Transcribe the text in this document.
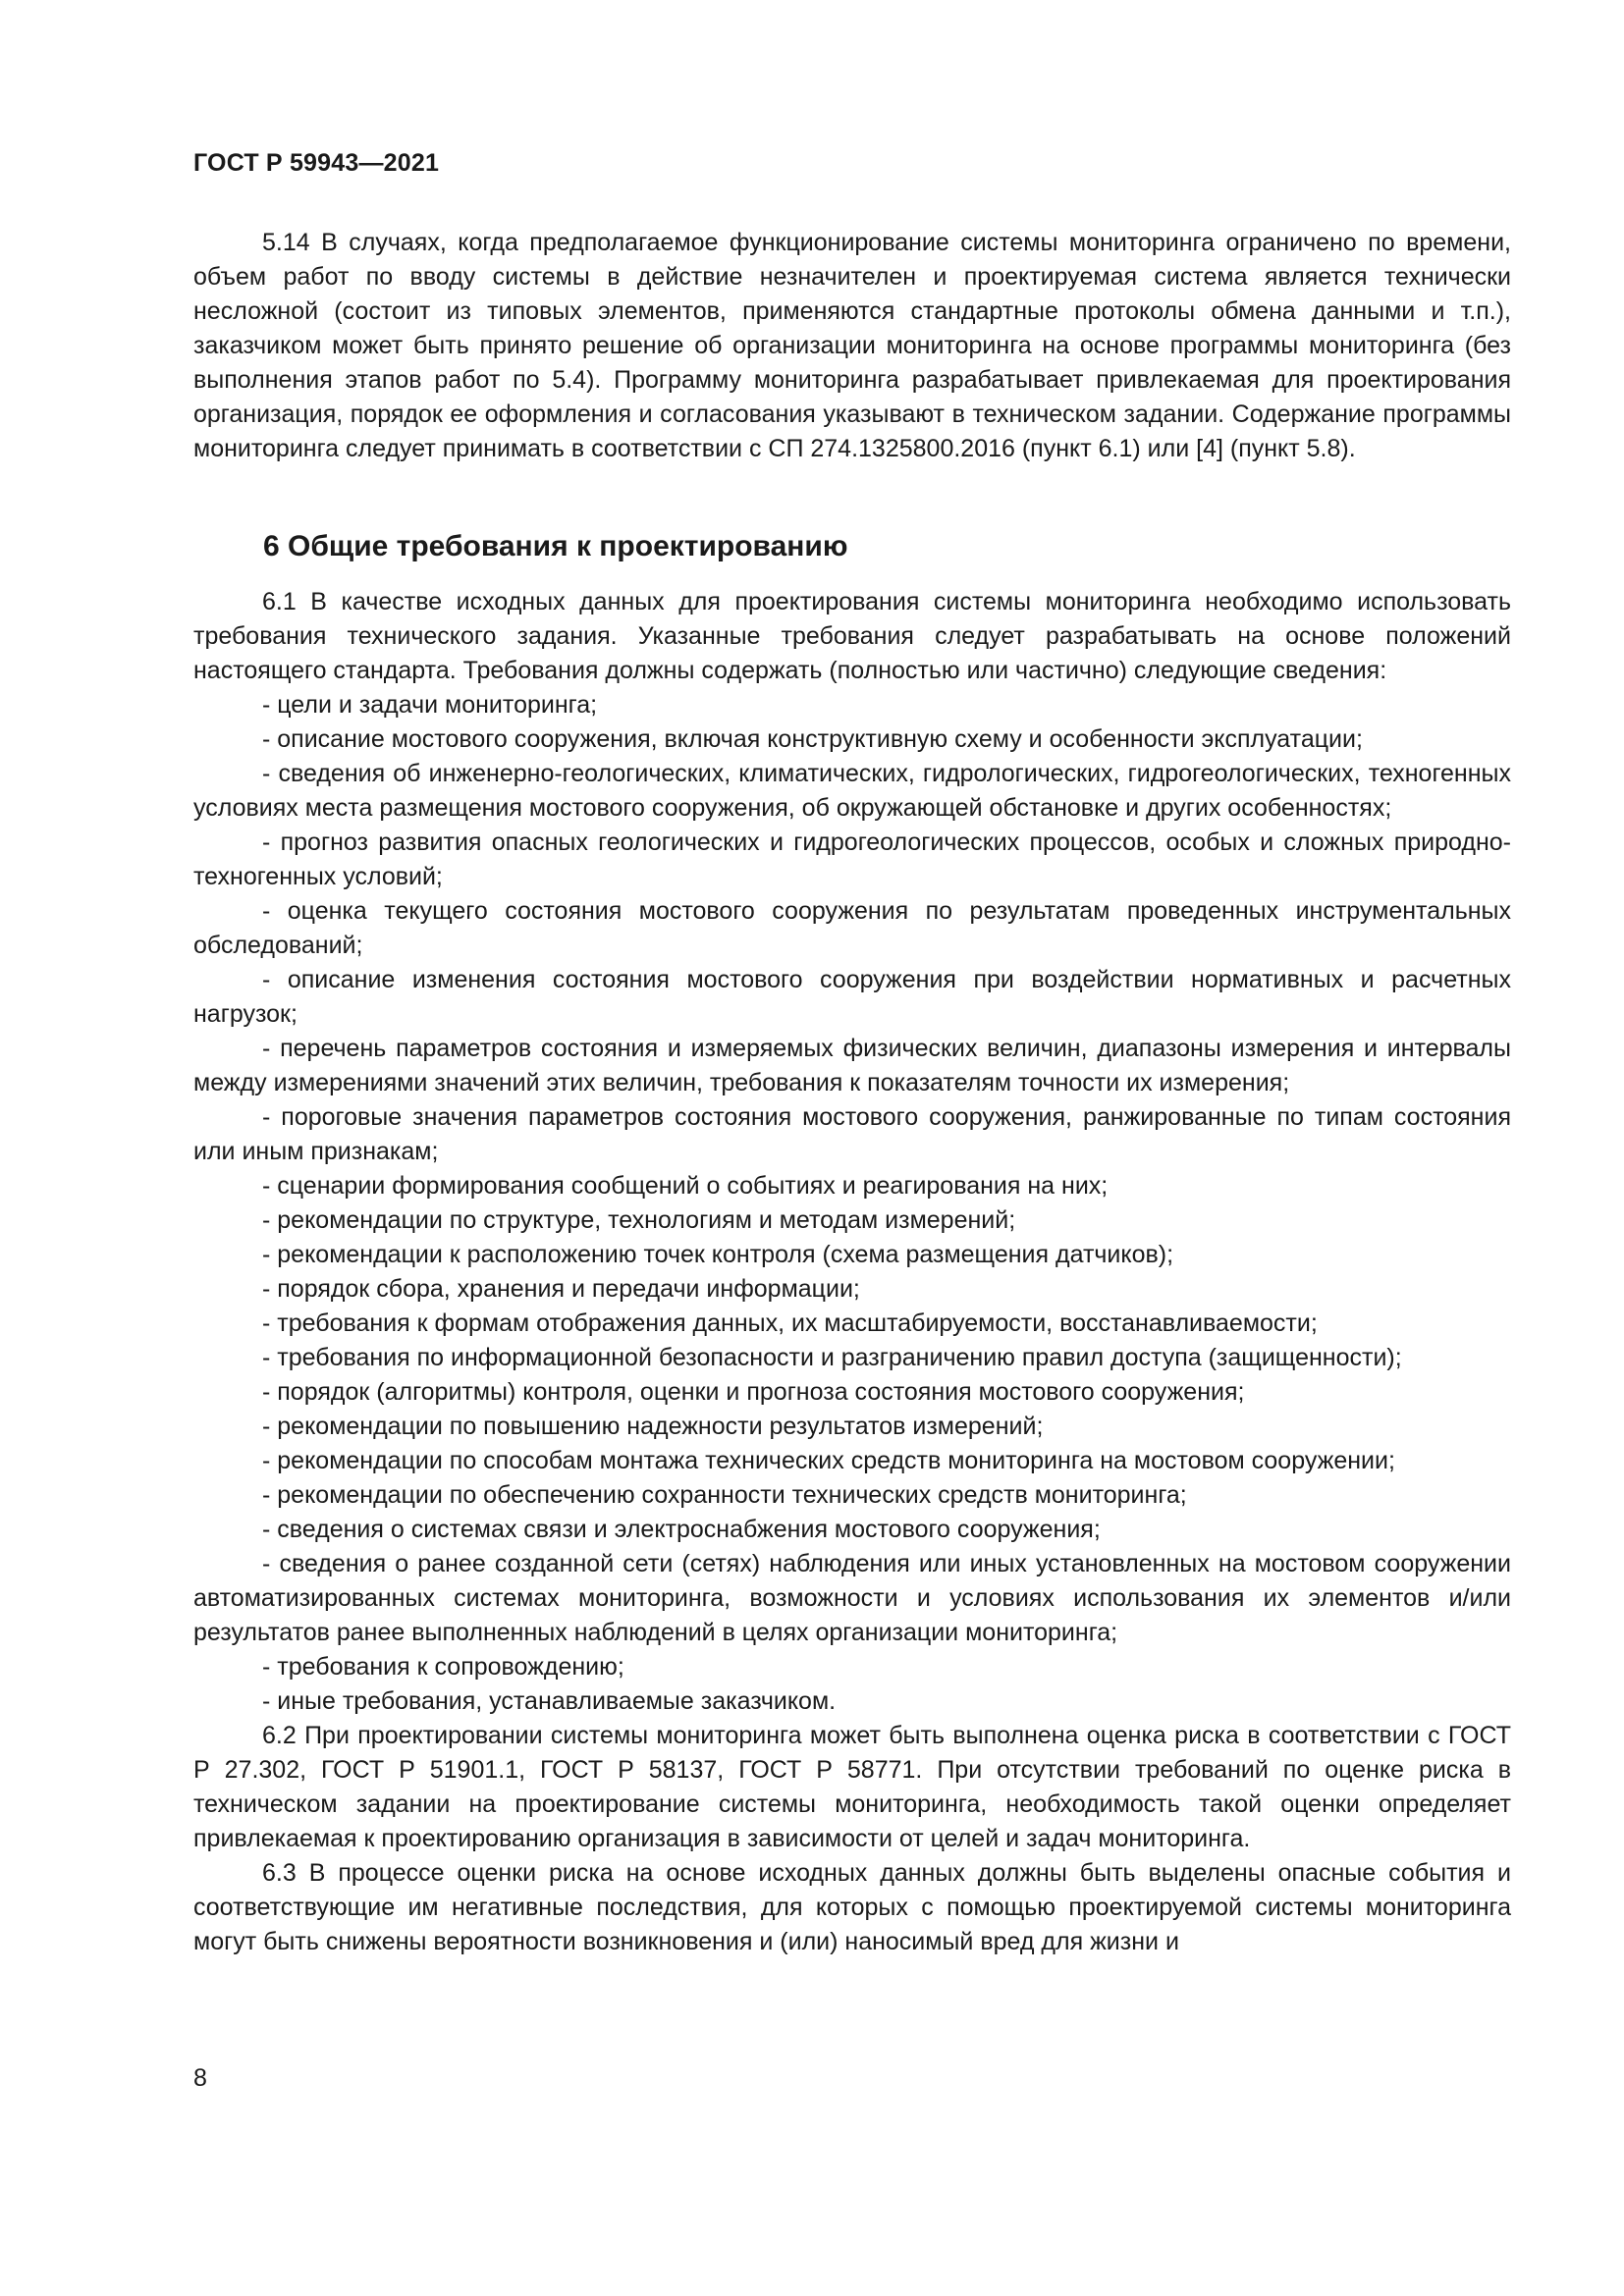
ГОСТ Р 59943—2021

5.14 В случаях, когда предполагаемое функционирование системы мониторинга ограничено по времени, объем работ по вводу системы в действие незначителен и проектируемая система является технически несложной (состоит из типовых элементов, применяются стандартные протоколы обмена данными и т.п.), заказчиком может быть принято решение об организации мониторинга на основе программы мониторинга (без выполнения этапов работ по 5.4). Программу мониторинга разрабатывает привлекаемая для проектирования организация, порядок ее оформления и согласования указывают в техническом задании. Содержание программы мониторинга следует принимать в соответствии с СП 274.1325800.2016 (пункт 6.1) или [4] (пункт 5.8).

6 Общие требования к проектированию

6.1 В качестве исходных данных для проектирования системы мониторинга необходимо использовать требования технического задания. Указанные требования следует разрабатывать на основе положений настоящего стандарта. Требования должны содержать (полностью или частично) следующие сведения:

- цели и задачи мониторинга;

- описание мостового сооружения, включая конструктивную схему и особенности эксплуатации;

- сведения об инженерно-геологических, климатических, гидрологических, гидрогеологических, техногенных условиях места размещения мостового сооружения, об окружающей обстановке и других особенностях;

- прогноз развития опасных геологических и гидрогеологических процессов, особых и сложных природно-техногенных условий;

- оценка текущего состояния мостового сооружения по результатам проведенных инструментальных обследований;

- описание изменения состояния мостового сооружения при воздействии нормативных и расчетных нагрузок;

- перечень параметров состояния и измеряемых физических величин, диапазоны измерения и интервалы между измерениями значений этих величин, требования к показателям точности их измерения;

- пороговые значения параметров состояния мостового сооружения, ранжированные по типам состояния или иным признакам;

- сценарии формирования сообщений о событиях и реагирования на них;

- рекомендации по структуре, технологиям и методам измерений;

- рекомендации к расположению точек контроля (схема размещения датчиков);

- порядок сбора, хранения и передачи информации;

- требования к формам отображения данных, их масштабируемости, восстанавливаемости;

- требования по информационной безопасности и разграничению правил доступа (защищенности);

- порядок (алгоритмы) контроля, оценки и прогноза состояния мостового сооружения;

- рекомендации по повышению надежности результатов измерений;

- рекомендации по способам монтажа технических средств мониторинга на мостовом сооружении;

- рекомендации по обеспечению сохранности технических средств мониторинга;

- сведения о системах связи и электроснабжения мостового сооружения;

- сведения о ранее созданной сети (сетях) наблюдения или иных установленных на мостовом сооружении автоматизированных системах мониторинга, возможности и условиях использования их элементов и/или результатов ранее выполненных наблюдений в целях организации мониторинга;

- требования к сопровождению;

- иные требования, устанавливаемые заказчиком.

6.2 При проектировании системы мониторинга может быть выполнена оценка риска в соответствии с ГОСТ Р 27.302, ГОСТ Р 51901.1, ГОСТ Р 58137, ГОСТ Р 58771. При отсутствии требований по оценке риска в техническом задании на проектирование системы мониторинга, необходимость такой оценки определяет привлекаемая к проектированию организация в зависимости от целей и задач мониторинга.

6.3 В процессе оценки риска на основе исходных данных должны быть выделены опасные события и соответствующие им негативные последствия, для которых с помощью проектируемой системы мониторинга могут быть снижены вероятности возникновения и (или) наносимый вред для жизни и

8
